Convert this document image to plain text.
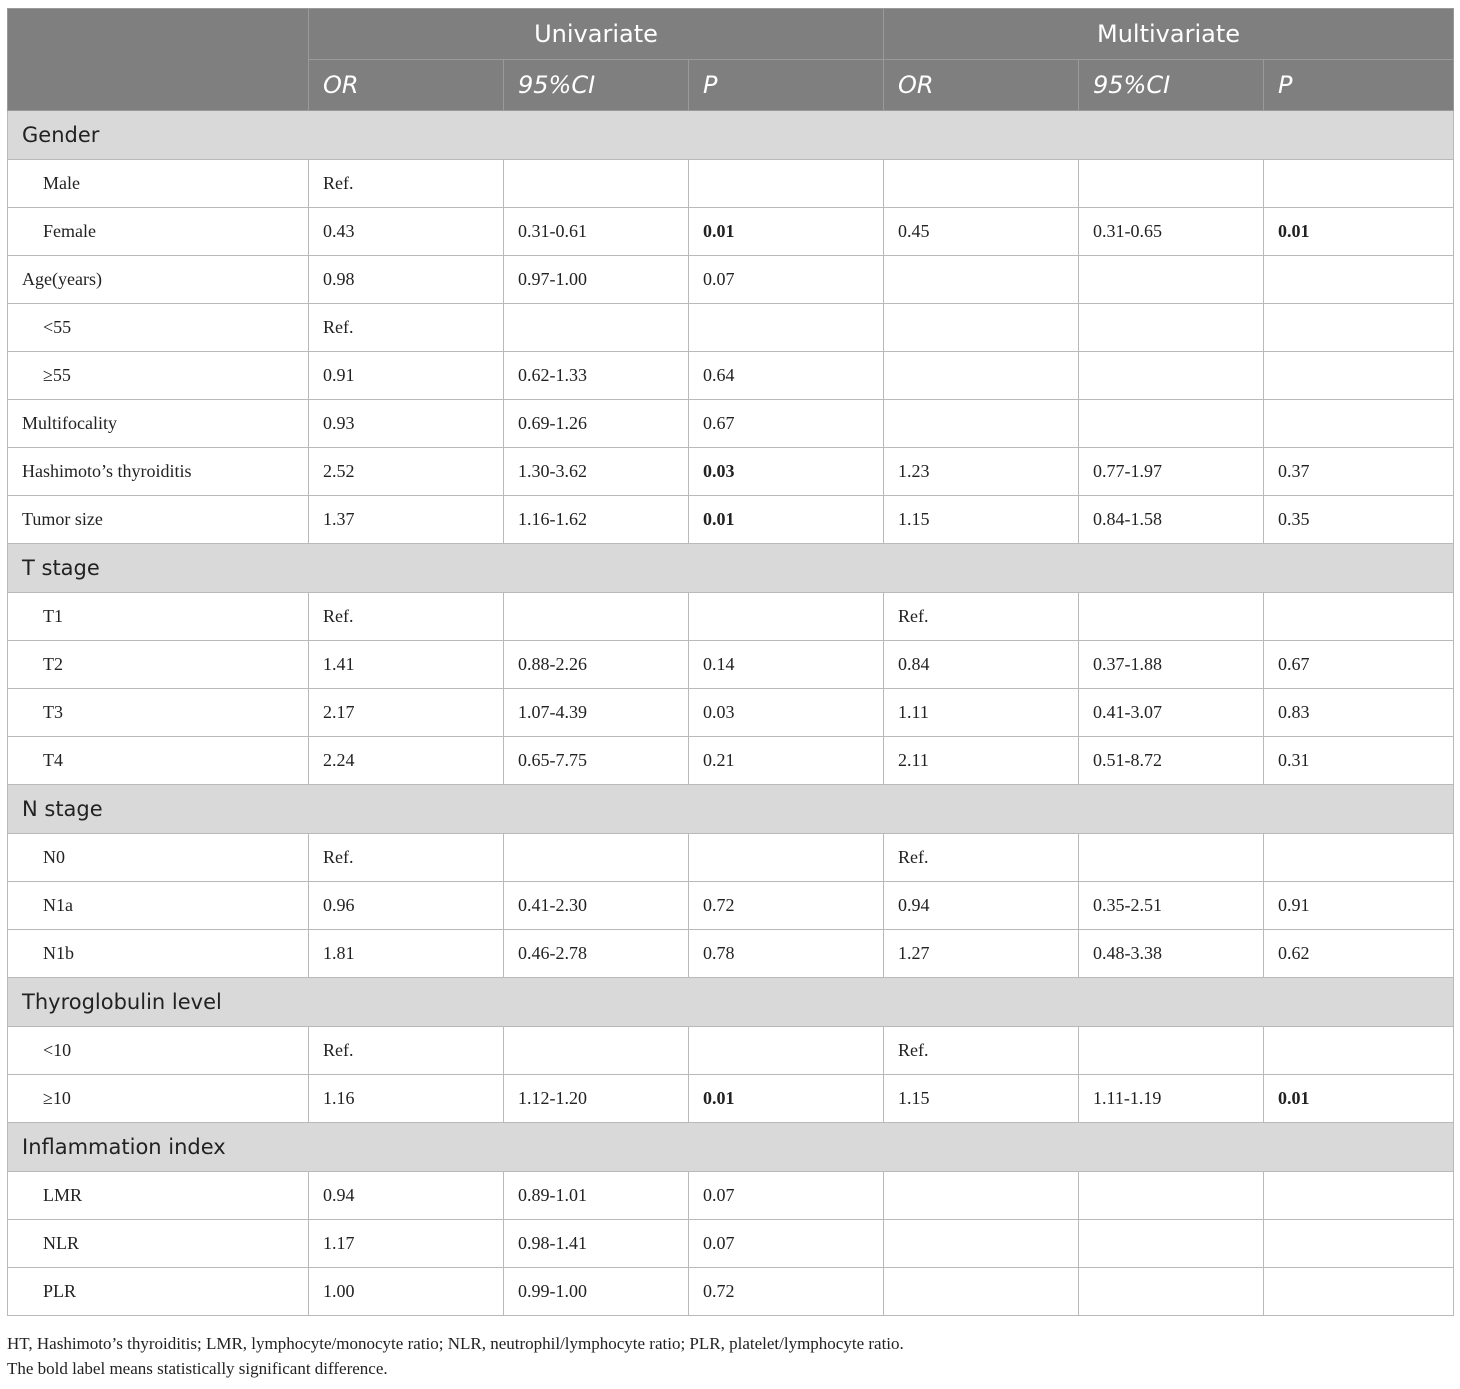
	Univariate			Multivariate		
	OR	95%CI	P	OR	95%CI	P
Gender						
Male	Ref.					
Female	0.43	0.31-0.61	0.01	0.45	0.31-0.65	0.01
Age(years)	0.98	0.97-1.00	0.07			
<55	Ref.					
≥55	0.91	0.62-1.33	0.64			
Multifocality	0.93	0.69-1.26	0.67			
Hashimoto’s thyroiditis	2.52	1.30-3.62	0.03	1.23	0.77-1.97	0.37
Tumor size	1.37	1.16-1.62	0.01	1.15	0.84-1.58	0.35
T stage						
T1	Ref.			Ref.		
T2	1.41	0.88-2.26	0.14	0.84	0.37-1.88	0.67
T3	2.17	1.07-4.39	0.03	1.11	0.41-3.07	0.83
T4	2.24	0.65-7.75	0.21	2.11	0.51-8.72	0.31
N stage						
N0	Ref.			Ref.		
N1a	0.96	0.41-2.30	0.72	0.94	0.35-2.51	0.91
N1b	1.81	0.46-2.78	0.78	1.27	0.48-3.38	0.62
Thyroglobulin level						
<10	Ref.			Ref.		
≥10	1.16	1.12-1.20	0.01	1.15	1.11-1.19	0.01
Inflammation index						
LMR	0.94	0.89-1.01	0.07			
NLR	1.17	0.98-1.41	0.07			
PLR	1.00	0.99-1.00	0.72			
HT, Hashimoto’s thyroiditis; LMR, lymphocyte/monocyte ratio; NLR, neutrophil/lymphocyte ratio; PLR, platelet/lymphocyte ratio.
The bold label means statistically significant difference.
